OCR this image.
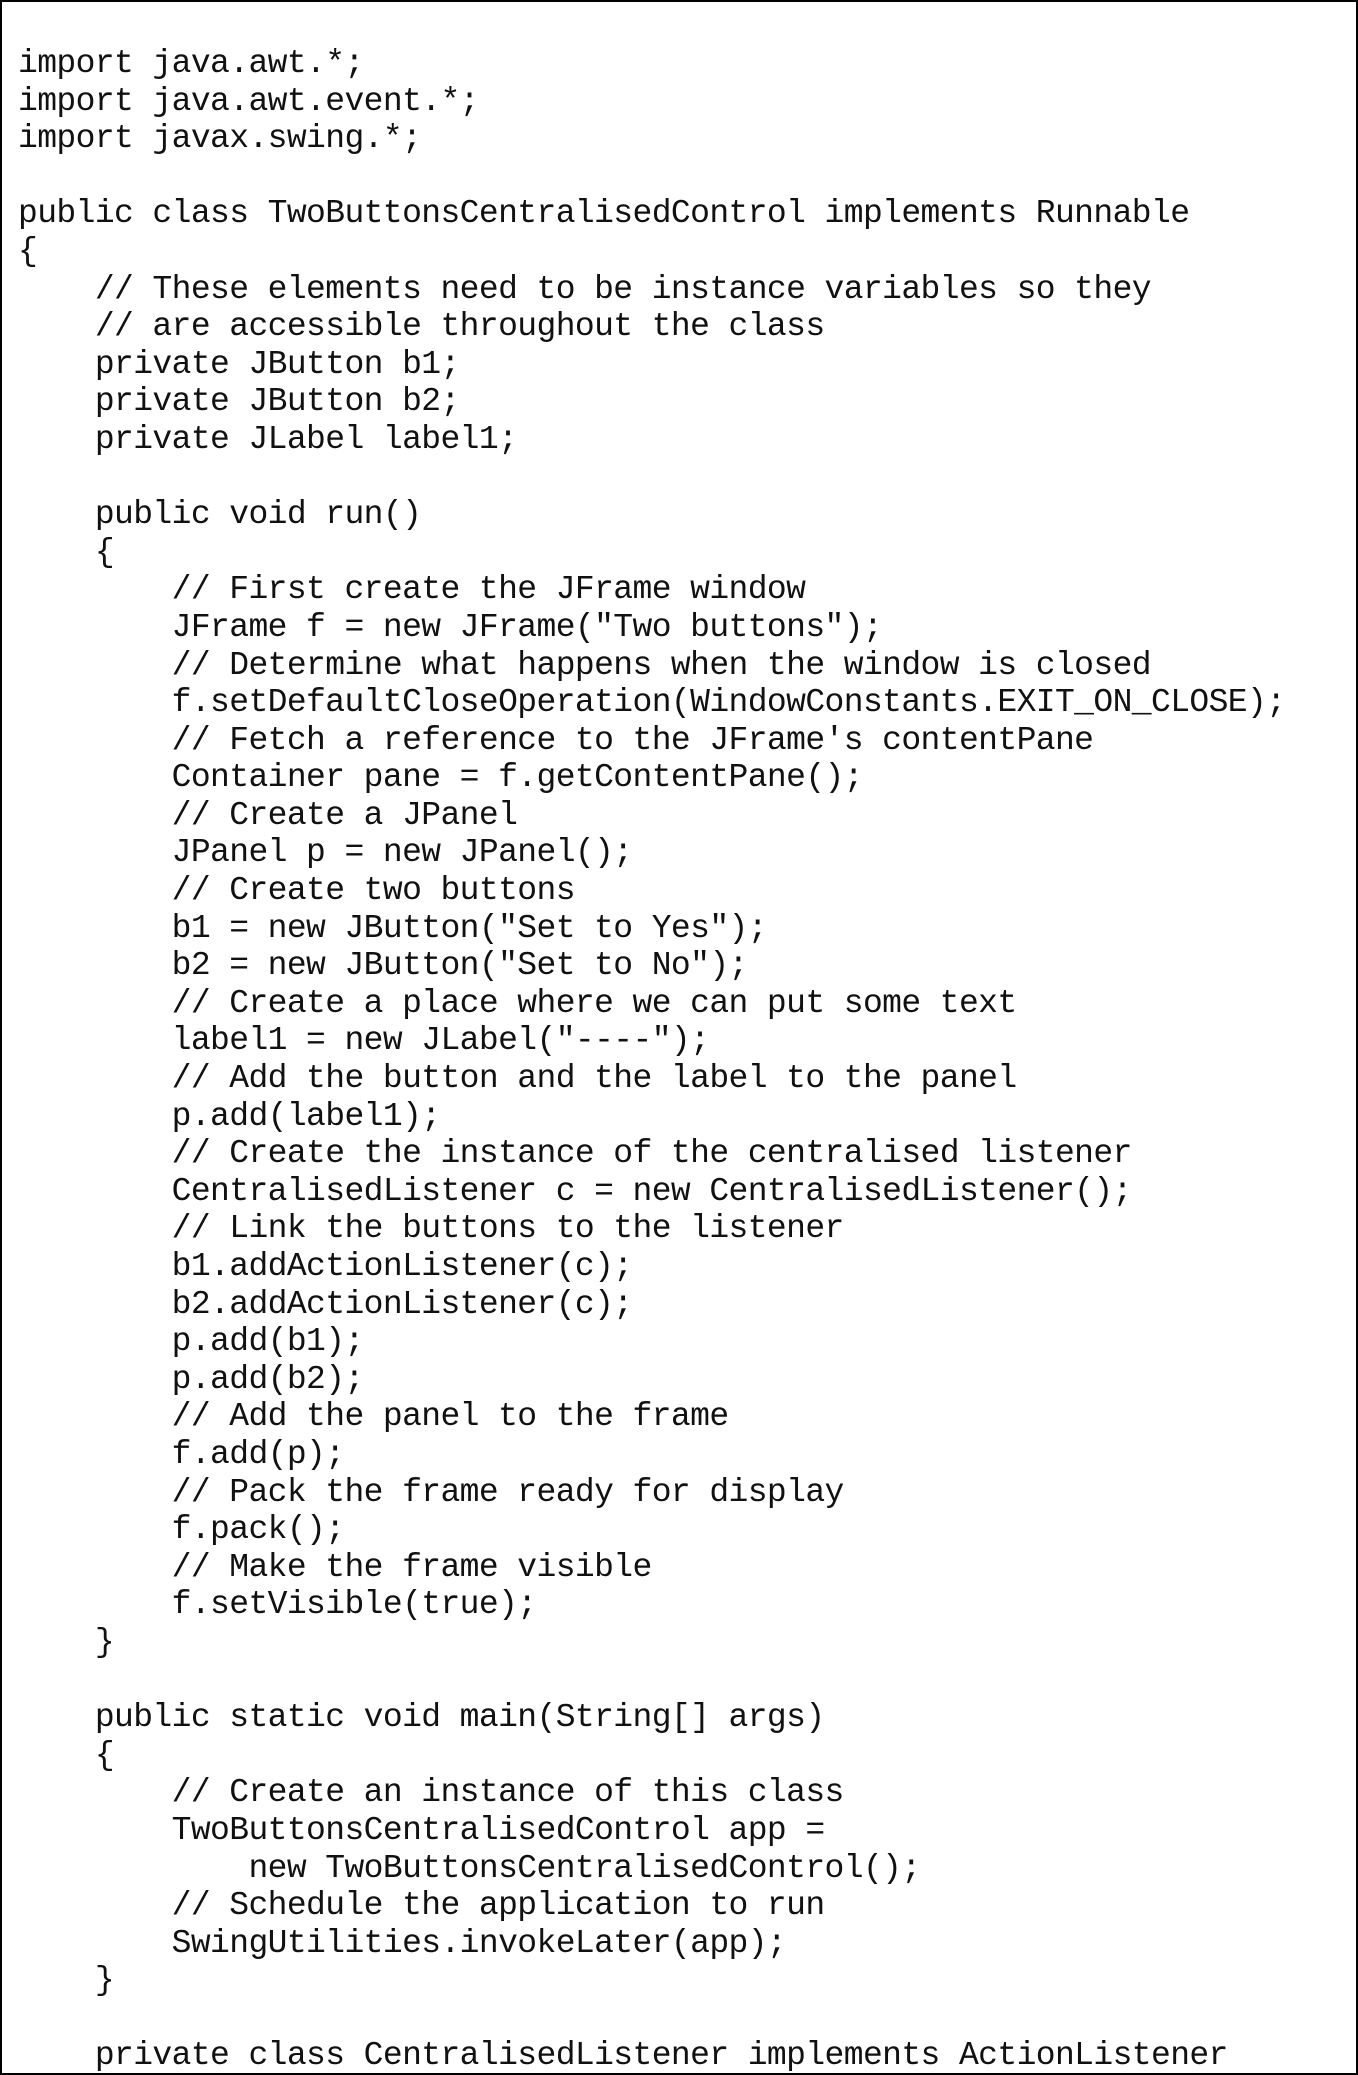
import java.awt.*;
import java.awt.event.*;
import javax.swing.*;

public class TwoButtonsCentralisedControl implements Runnable
{
// These elements need to be instance variables so they
// are accessible throughout the class
private JButton b1;
private JButton b2;
private JLabel label1;

public void run()
{
// First create the JFrame window
JFrame f = new JFrame("Two buttons");
// Determine what happens when the window is closed
f.setDefaultCloseOperation(WindowConstants.EXIT_ON_CLOSE);
// Fetch a reference to the JFrame's contentPane
Container pane = f.getContentPane();
// Create a JPanel
JPanel p = new JPanel();
// Create two buttons
b1 = new JButton("Set to Yes");
b2 = new JButton("Set to No");
// Create a place where we can put some text
label1 = new JLabel("----");
// Add the button and the label to the panel
p.add(label1);
// Create the instance of the centralised listener
CentralisedListener c = new CentralisedListener();
// Link the buttons to the listener
b1.addActionListener(c);
b2.addActionListener(c);
p.add(b1);
p.add(b2);
// Add the panel to the frame
f.add(p);
// Pack the frame ready for display
f.pack();
// Make the frame visible
f.setVisible(true);
}

public static void main(String[] args)
{
// Create an instance of this class
TwoButtonsCentralisedControl app =
new TwoButtonsCentralisedControl();
// Schedule the application to run
SwingUtilities.invokeLater(app);
}

private class CentralisedListener implements ActionListener
